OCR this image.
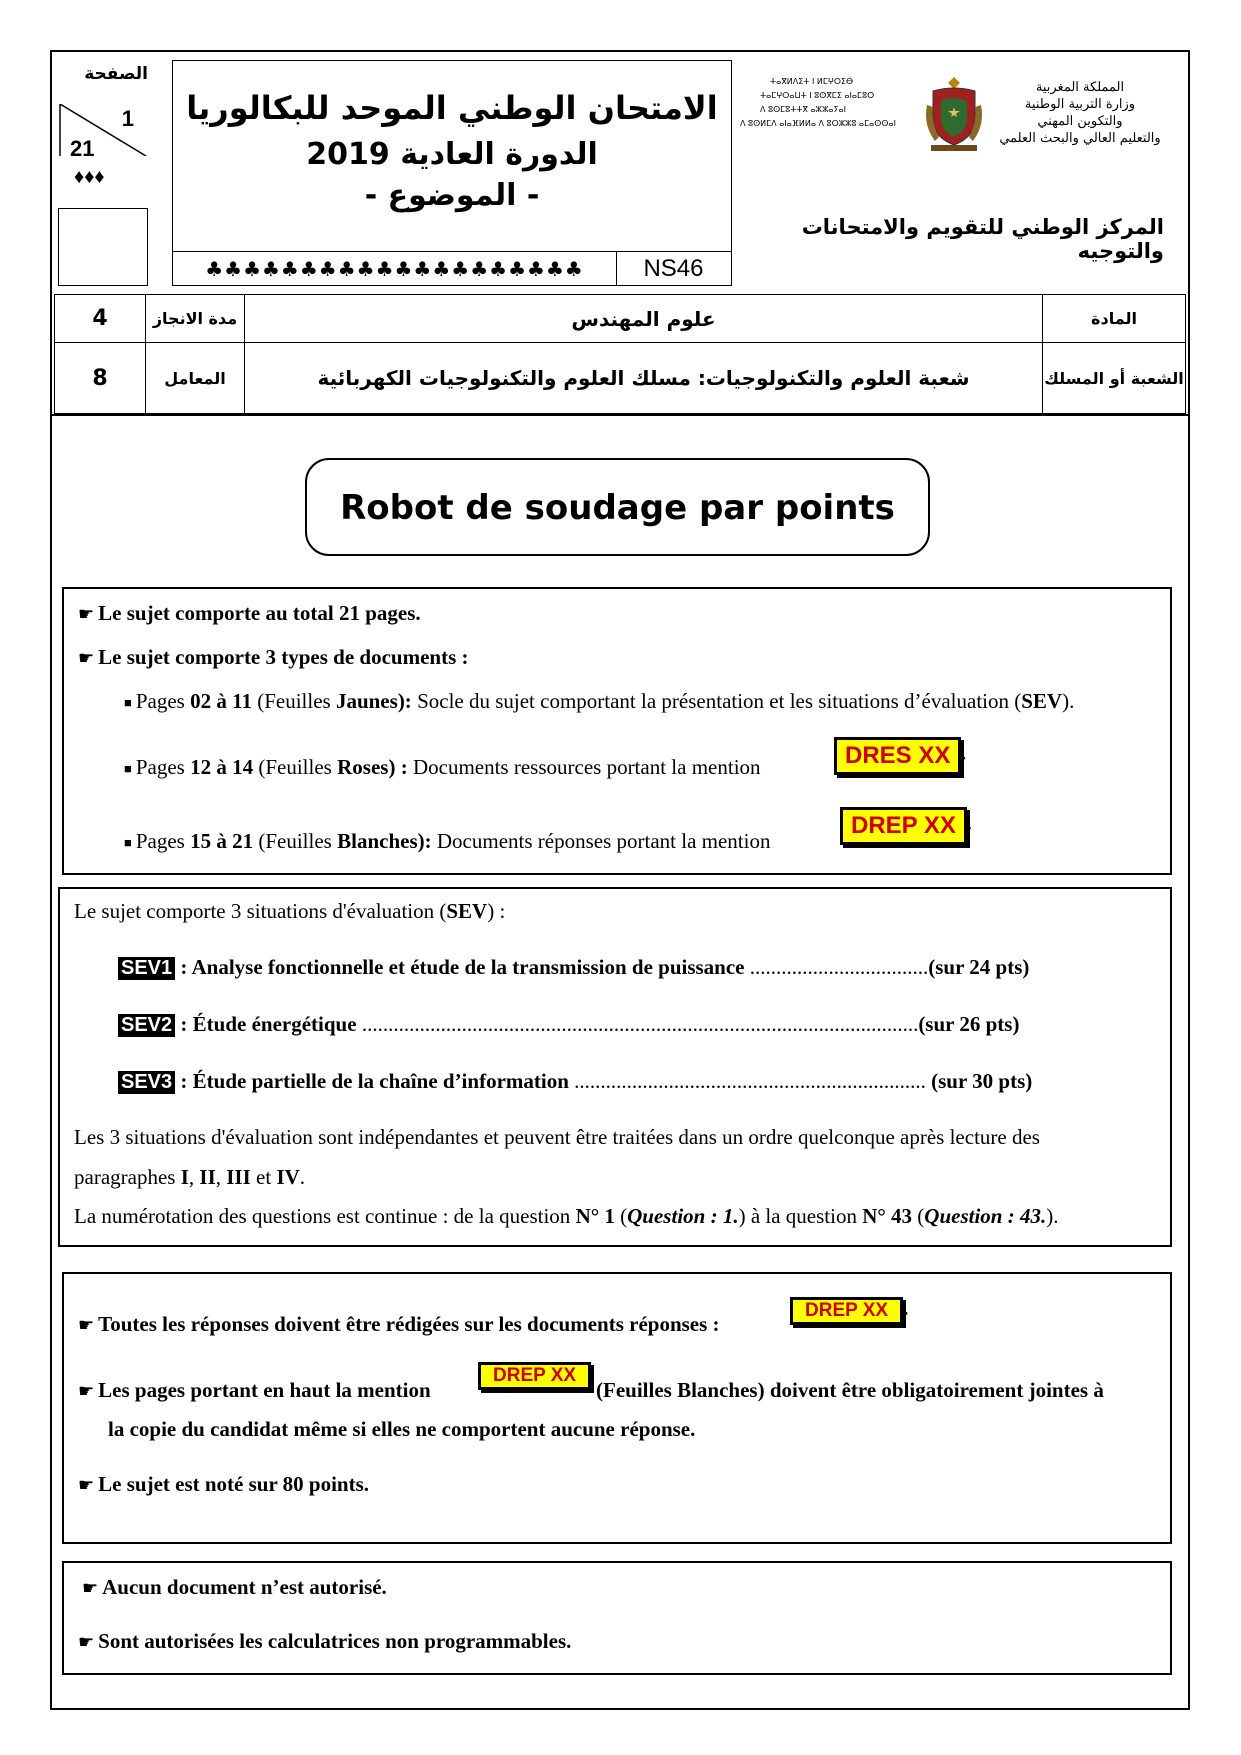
الصفحة
1
21
♦♦♦
الامتحان الوطني الموحد للبكالوريا
الدورة العادية 2019
- الموضوع -
♣♣♣♣♣♣♣♣♣♣♣♣♣♣♣♣♣♣♣♣	NS46
ⵜⴰⴳⵍⴷⵉⵜ ⵏ ⵍⵎⵖⵔⵉⴱ
ⵜⴰⵎⵖⵔⴰⵡⵜ ⵏ ⵓⵙⴳⵎⵉ ⴰⵏⴰⵎⵓⵔ
ⴷ ⵓⵙⵎⵓⵜⵜⴳ ⴰⵣⵣⴰⵢⴰⵏ
ⴷ ⵓⵙⵍⵎⴷ ⴰⵏⴰⴼⵍⵍⴰ ⴷ ⵓⵔⵣⵣⵓ ⴰⵎⴰⵙⵙⴰⵏ
المملكة المغربية
وزارة التربية الوطنية
والتكوين المهني
والتعليم العالي والبحث العلمي
المركز الوطني للتقويم والامتحانات والتوجيه
4	مدة الانجاز	علوم المهندس	المادة
8	المعامل	شعبة العلوم والتكنولوجيات: مسلك العلوم والتكنولوجيات الكهربائية	الشعبة أو المسلك
Robot de soudage par points
☛ Le sujet comporte au total 21 pages.
☛ Le sujet comporte 3 types de documents :
■ Pages 02 à 11 (Feuilles Jaunes): Socle du sujet comportant la présentation et les situations d’évaluation (SEV).
■ Pages 12 à 14 (Feuilles Roses) : Documents ressources portant la mention	DRES XX .
■ Pages 15 à 21 (Feuilles Blanches): Documents réponses portant la mention
DREP XX .
Le sujet comporte 3 situations d'évaluation (SEV) :
SEV1 : Analyse fonctionnelle et étude de la transmission de puissance ..................................(sur 24 pts)
SEV2 : Étude énergétique ..........................................................................................................(sur 26 pts)
SEV3 : Étude partielle de la chaîne d’information ................................................................... (sur 30 pts)
Les 3 situations d'évaluation sont indépendantes et peuvent être traitées dans un ordre quelconque après lecture des
paragraphes I, II, III et IV.
La numérotation des questions est continue : de la question N° 1 (Question : 1.) à la question N° 43 (Question : 43.).
☛ Toutes les réponses doivent être rédigées sur les documents réponses :
DREP XX .
☛ Les pages portant en haut la mention
DREP XX
(Feuilles Blanches) doivent être obligatoirement jointes à
la copie du candidat même si elles ne comportent aucune réponse.
☛ Le sujet est noté sur 80 points.
☛ Aucun document n’est autorisé.
☛ Sont autorisées les calculatrices non programmables.
